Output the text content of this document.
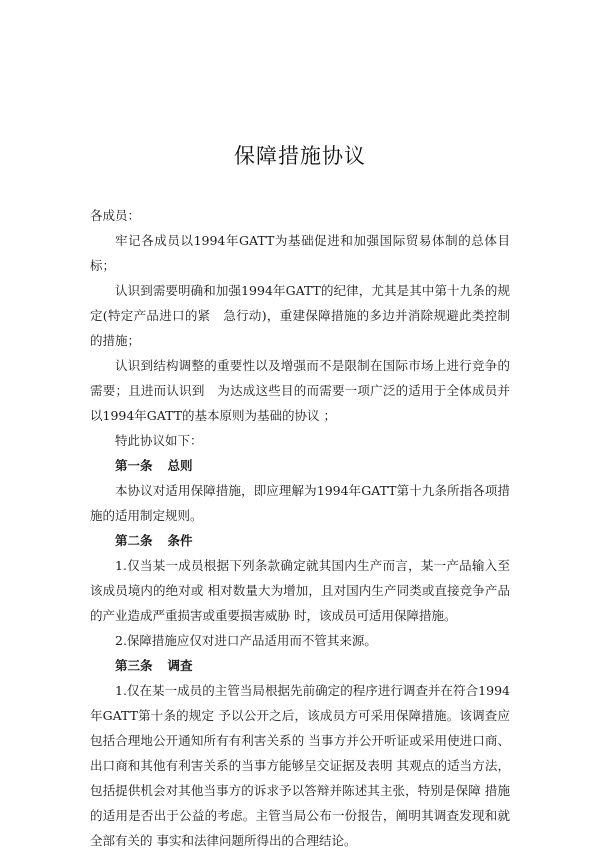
保障措施协议

各成员：

牢记各成员以1994年GATT为基础促进和加强国际贸易体制的总体目标；

认识到需要明确和加强1994年GATT的纪律，尤其是其中第十九条的规定(特定产品进口的紧　急行动)，重建保障措施的多边并消除规避此类控制的措施；

认识到结构调整的重要性以及增强而不是限制在国际市场上进行竞争的需要；且进而认识到　为达成这些目的而需要一项广泛的适用于全体成员并以1994年GATT的基本原则为基础的协议 ；

特此协议如下：

第一条 总则

本协议对适用保障措施，即应理解为1994年GATT第十九条所指各项措施的适用制定规则。

第二条 条件

1.仅当某一成员根据下列条款确定就其国内生产而言，某一产品输入至该成员境内的绝对或 相对数量大为增加，且对国内生产同类或直接竞争产品的产业造成严重损害或重要损害威胁 时，该成员可适用保障措施。

2.保障措施应仅对进口产品适用而不管其来源。

第三条 调查

1.仅在某一成员的主管当局根据先前确定的程序进行调查并在符合1994年GATT第十条的规定 予以公开之后，该成员方可采用保障措施。该调查应包括合理地公开通知所有有利害关系的 当事方并公开听证或采用使进口商、出口商和其他有利害关系的当事方能够呈交证据及表明 其观点的适当方法，包括提供机会对其他当事方的诉求予以答辩并陈述其主张，特别是保障 措施的适用是否出于公益的考虑。主管当局公布一份报告，阐明其调查发现和就全部有关的 事实和法律问题所得出的合理结论。
